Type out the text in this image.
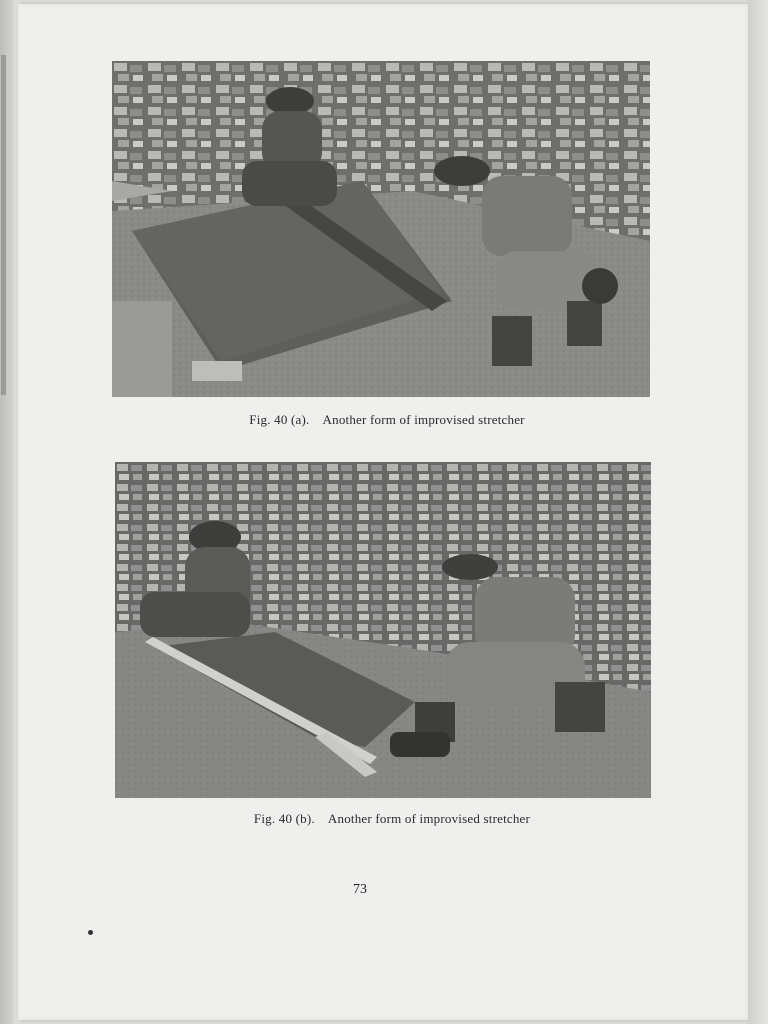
Fig. 40 (a).    Another form of improvised stretcher
Fig. 40 (b).    Another form of improvised stretcher
73
